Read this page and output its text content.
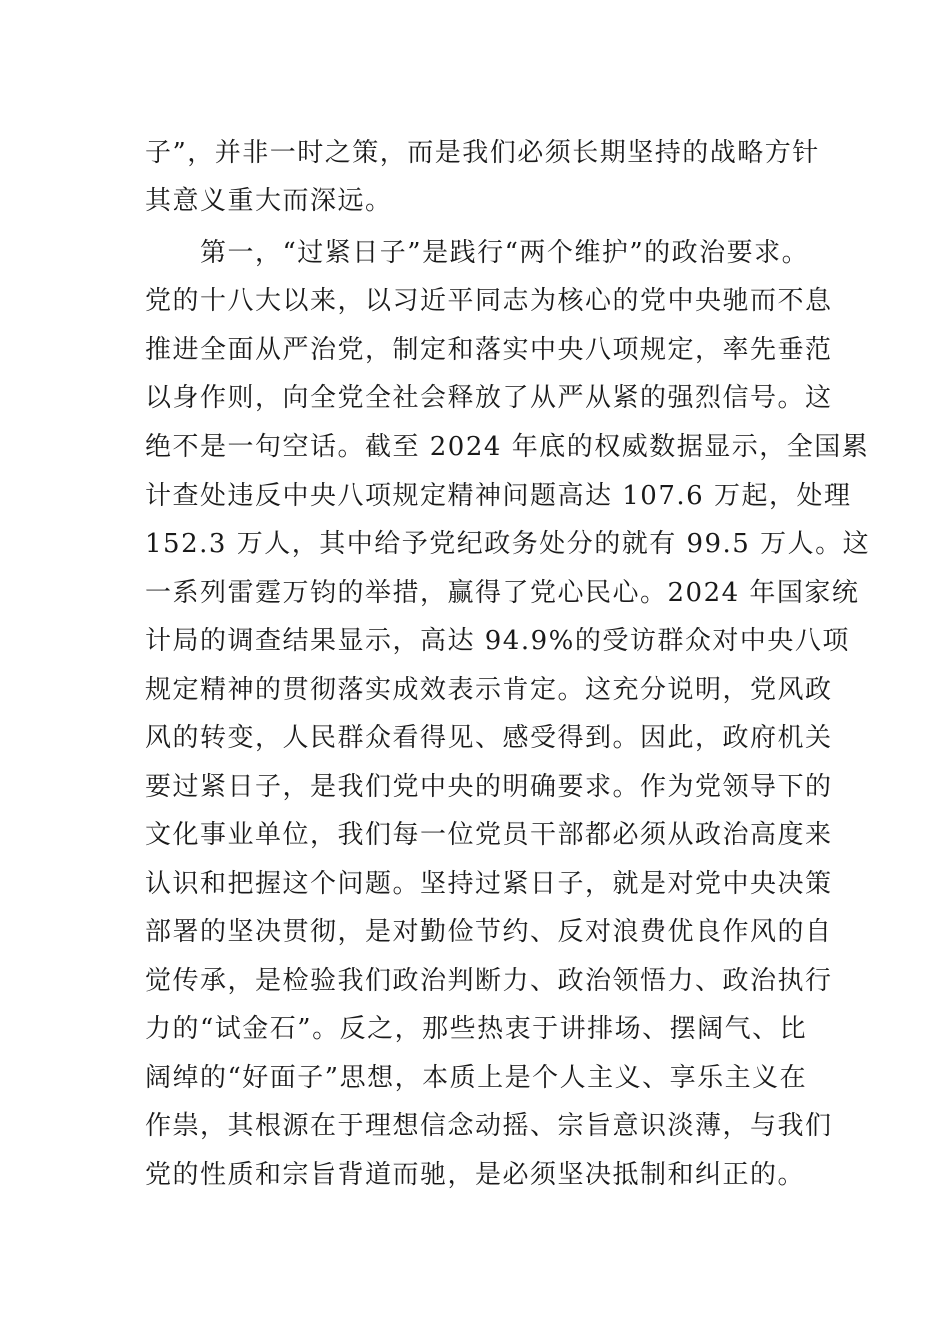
子”，并非一时之策，而是我们必须长期坚持的战略方针
其意义重大而深远。
第一，“过紧日子”是践行“两个维护”的政治要求。
党的十八大以来，以习近平同志为核心的党中央驰而不息
推进全面从严治党，制定和落实中央八项规定，率先垂范
以身作则，向全党全社会释放了从严从紧的强烈信号。这
绝不是一句空话。截至 2024 年底的权威数据显示，全国累
计查处违反中央八项规定精神问题高达 107.6 万起，处理
152.3 万人，其中给予党纪政务处分的就有 99.5 万人。这
一系列雷霆万钧的举措，赢得了党心民心。2024 年国家统
计局的调查结果显示，高达 94.9%的受访群众对中央八项
规定精神的贯彻落实成效表示肯定。这充分说明，党风政
风的转变，人民群众看得见、感受得到。因此，政府机关
要过紧日子，是我们党中央的明确要求。作为党领导下的
文化事业单位，我们每一位党员干部都必须从政治高度来
认识和把握这个问题。坚持过紧日子，就是对党中央决策
部署的坚决贯彻，是对勤俭节约、反对浪费优良作风的自
觉传承，是检验我们政治判断力、政治领悟力、政治执行
力的“试金石”。反之，那些热衷于讲排场、摆阔气、比
阔绰的“好面子”思想，本质上是个人主义、享乐主义在
作祟，其根源在于理想信念动摇、宗旨意识淡薄，与我们
党的性质和宗旨背道而驰，是必须坚决抵制和纠正的。
